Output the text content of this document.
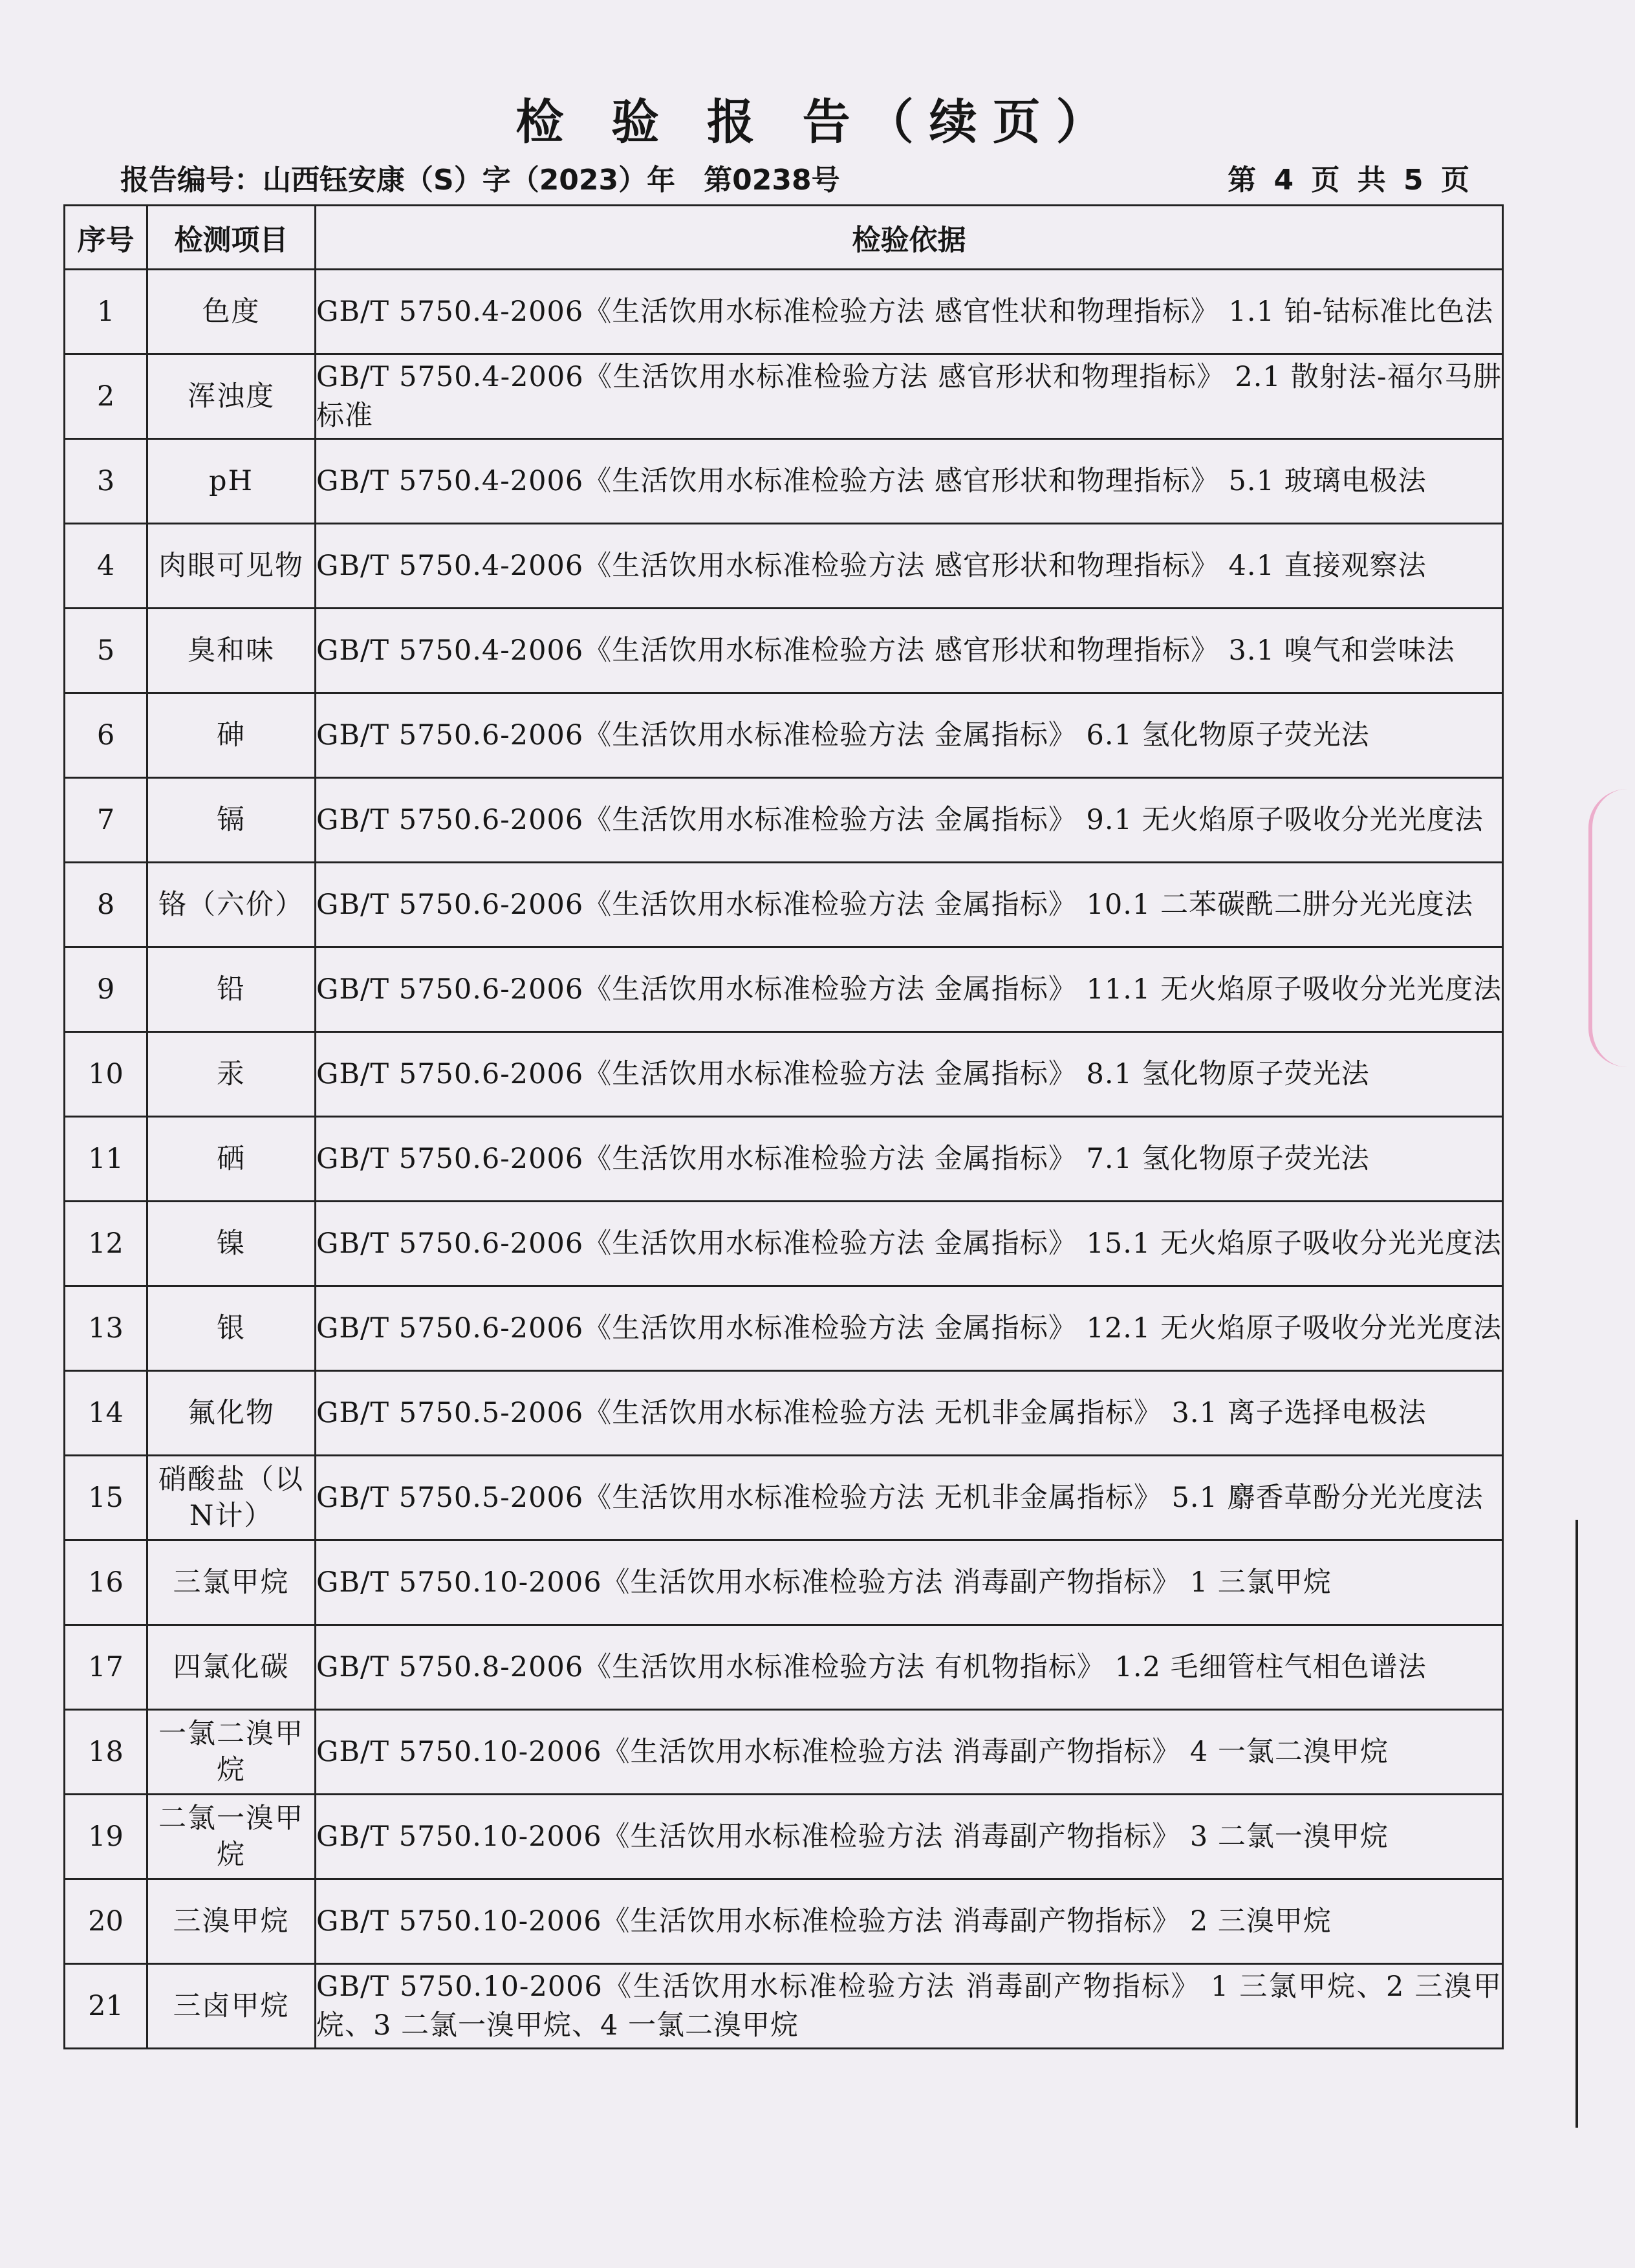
检 验 报 告（续页）
报告编号：山西钰安康（S）字（2023）年　第0238号	第 4 页 共 5 页
序号	检测项目	检验依据
1	色度	GB/T 5750.4-2006《生活饮用水标准检验方法 感官性状和物理指标》 1.1 铂-钴标准比色法
2	浑浊度	GB/T 5750.4-2006《生活饮用水标准检验方法 感官形状和物理指标》 2.1 散射法-福尔马肼标准
3	pH	GB/T 5750.4-2006《生活饮用水标准检验方法 感官形状和物理指标》 5.1 玻璃电极法
4	肉眼可见物	GB/T 5750.4-2006《生活饮用水标准检验方法 感官形状和物理指标》 4.1 直接观察法
5	臭和味	GB/T 5750.4-2006《生活饮用水标准检验方法 感官形状和物理指标》 3.1 嗅气和尝味法
6	砷	GB/T 5750.6-2006《生活饮用水标准检验方法 金属指标》 6.1 氢化物原子荧光法
7	镉	GB/T 5750.6-2006《生活饮用水标准检验方法 金属指标》 9.1 无火焰原子吸收分光光度法
8	铬（六价）	GB/T 5750.6-2006《生活饮用水标准检验方法 金属指标》 10.1 二苯碳酰二肼分光光度法
9	铅	GB/T 5750.6-2006《生活饮用水标准检验方法 金属指标》 11.1 无火焰原子吸收分光光度法
10	汞	GB/T 5750.6-2006《生活饮用水标准检验方法 金属指标》 8.1 氢化物原子荧光法
11	硒	GB/T 5750.6-2006《生活饮用水标准检验方法 金属指标》 7.1 氢化物原子荧光法
12	镍	GB/T 5750.6-2006《生活饮用水标准检验方法 金属指标》 15.1 无火焰原子吸收分光光度法
13	银	GB/T 5750.6-2006《生活饮用水标准检验方法 金属指标》 12.1 无火焰原子吸收分光光度法
14	氟化物	GB/T 5750.5-2006《生活饮用水标准检验方法 无机非金属指标》 3.1 离子选择电极法
15	硝酸盐（以N计）	GB/T 5750.5-2006《生活饮用水标准检验方法 无机非金属指标》 5.1 麝香草酚分光光度法
16	三氯甲烷	GB/T 5750.10-2006《生活饮用水标准检验方法 消毒副产物指标》 1 三氯甲烷
17	四氯化碳	GB/T 5750.8-2006《生活饮用水标准检验方法 有机物指标》 1.2 毛细管柱气相色谱法
18	一氯二溴甲烷	GB/T 5750.10-2006《生活饮用水标准检验方法 消毒副产物指标》 4 一氯二溴甲烷
19	二氯一溴甲烷	GB/T 5750.10-2006《生活饮用水标准检验方法 消毒副产物指标》 3 二氯一溴甲烷
20	三溴甲烷	GB/T 5750.10-2006《生活饮用水标准检验方法 消毒副产物指标》 2 三溴甲烷
21	三卤甲烷	GB/T 5750.10-2006《生活饮用水标准检验方法 消毒副产物指标》 1 三氯甲烷、2 三溴甲烷、3 二氯一溴甲烷、4 一氯二溴甲烷
